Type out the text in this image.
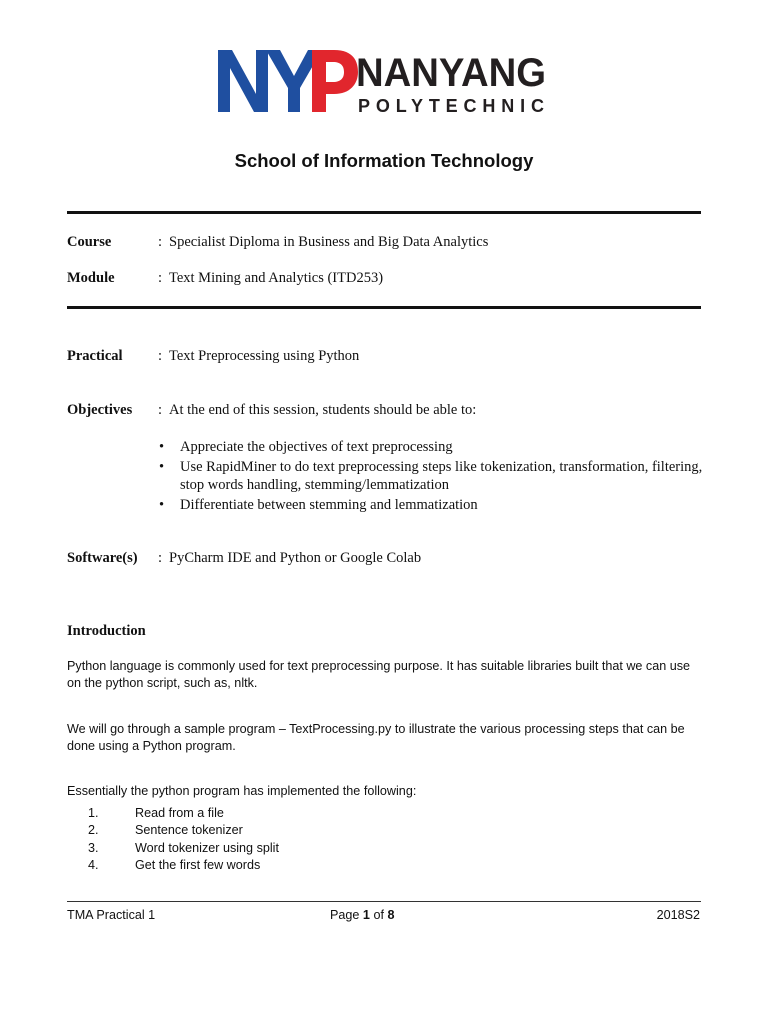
NANYANG
POLYTECHNIC
School of Information Technology
Course	: Specialist Diploma in Business and Big Data Analytics
Module	: Text Mining and Analytics (ITD253)
Practical : Text Preprocessing using Python
Objectives : At the end of this session, students should be able to:
• Appreciate the objectives of text preprocessing
• Use RapidMiner to do text preprocessing steps like tokenization, transformation, filtering, stop words handling, stemming/lemmatization
• Differentiate between stemming and lemmatization
Software(s) : PyCharm IDE and Python or Google Colab
Introduction
Python language is commonly used for text preprocessing purpose. It has suitable libraries built that we can use on the python script, such as, nltk.
We will go through a sample program – TextProcessing.py to illustrate the various processing steps that can be done using a Python program.
Essentially the python program has implemented the following:
1.	Read from a file
2.	Sentence tokenizer
3.	Word tokenizer using split
4.	Get the first few words
TMA Practical 1	Page 1 of 8	2018S2
